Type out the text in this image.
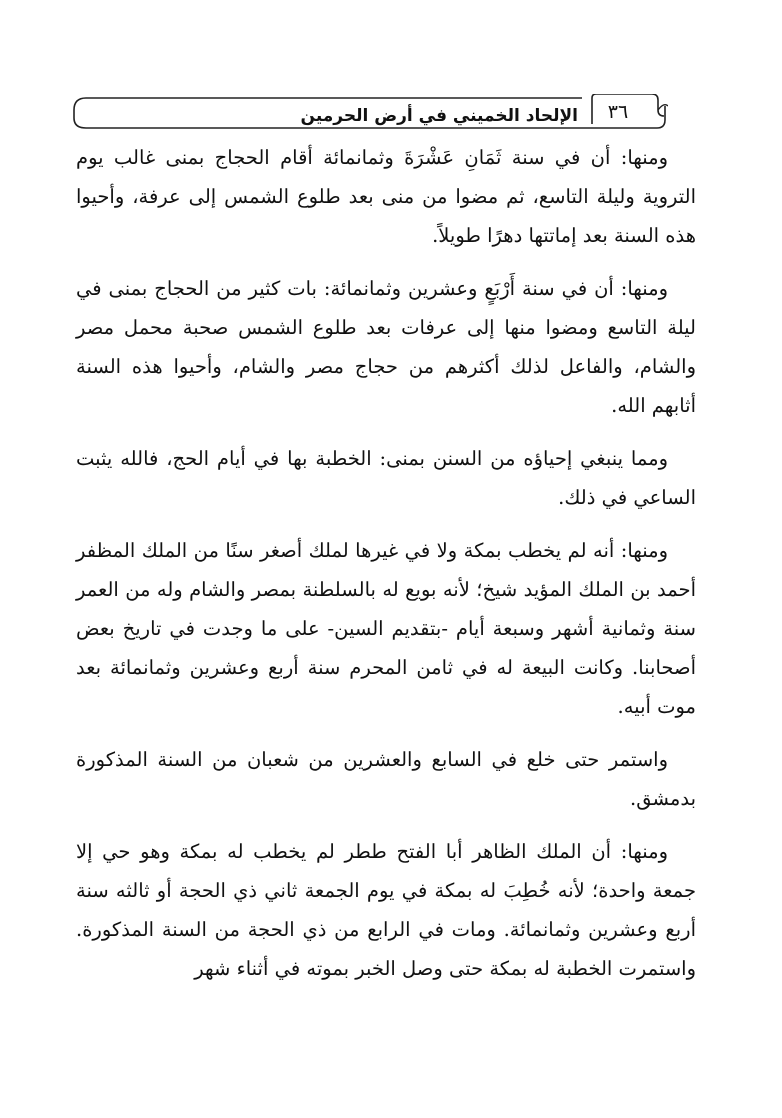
الإلحاد الخميني في أرض الحرمين	٣٦

ومنها: أن في سنة ثَمَانِ عَشْرَةَ وثمانمائة أقام الحجاج بمنى غالب يوم التروية وليلة التاسع، ثم مضوا من منى بعد طلوع الشمس إلى عرفة، وأحيوا هذه السنة بعد إماتتها دهرًا طويلاً.

ومنها: أن في سنة أَرْبَعٍ وعشرين وثمانمائة: بات كثير من الحجاج بمنى في ليلة التاسع ومضوا منها إلى عرفات بعد طلوع الشمس صحبة محمل مصر والشام، والفاعل لذلك أكثرهم من حجاج مصر والشام، وأحيوا هذه السنة أثابهم الله.

ومما ينبغي إحياؤه من السنن بمنى: الخطبة بها في أيام الحج، فالله يثبت الساعي في ذلك.

ومنها: أنه لم يخطب بمكة ولا في غيرها لملك أصغر سنًا من الملك المظفر أحمد بن الملك المؤيد شيخ؛ لأنه بويع له بالسلطنة بمصر والشام وله من العمر سنة وثمانية أشهر وسبعة أيام -بتقديم السين- على ما وجدت في تاريخ بعض أصحابنا. وكانت البيعة له في ثامن المحرم سنة أربع وعشرين وثمانمائة بعد موت أبيه.

واستمر حتى خلع في السابع والعشرين من شعبان من السنة المذكورة بدمشق.

ومنها: أن الملك الظاهر أبا الفتح ططر لم يخطب له بمكة وهو حي إلا جمعة واحدة؛ لأنه خُطِبَ له بمكة في يوم الجمعة ثاني ذي الحجة أو ثالثه سنة أربع وعشرين وثمانمائة. ومات في الرابع من ذي الحجة من السنة المذكورة. واستمرت الخطبة له بمكة حتى وصل الخبر بموته في أثناء شهر
